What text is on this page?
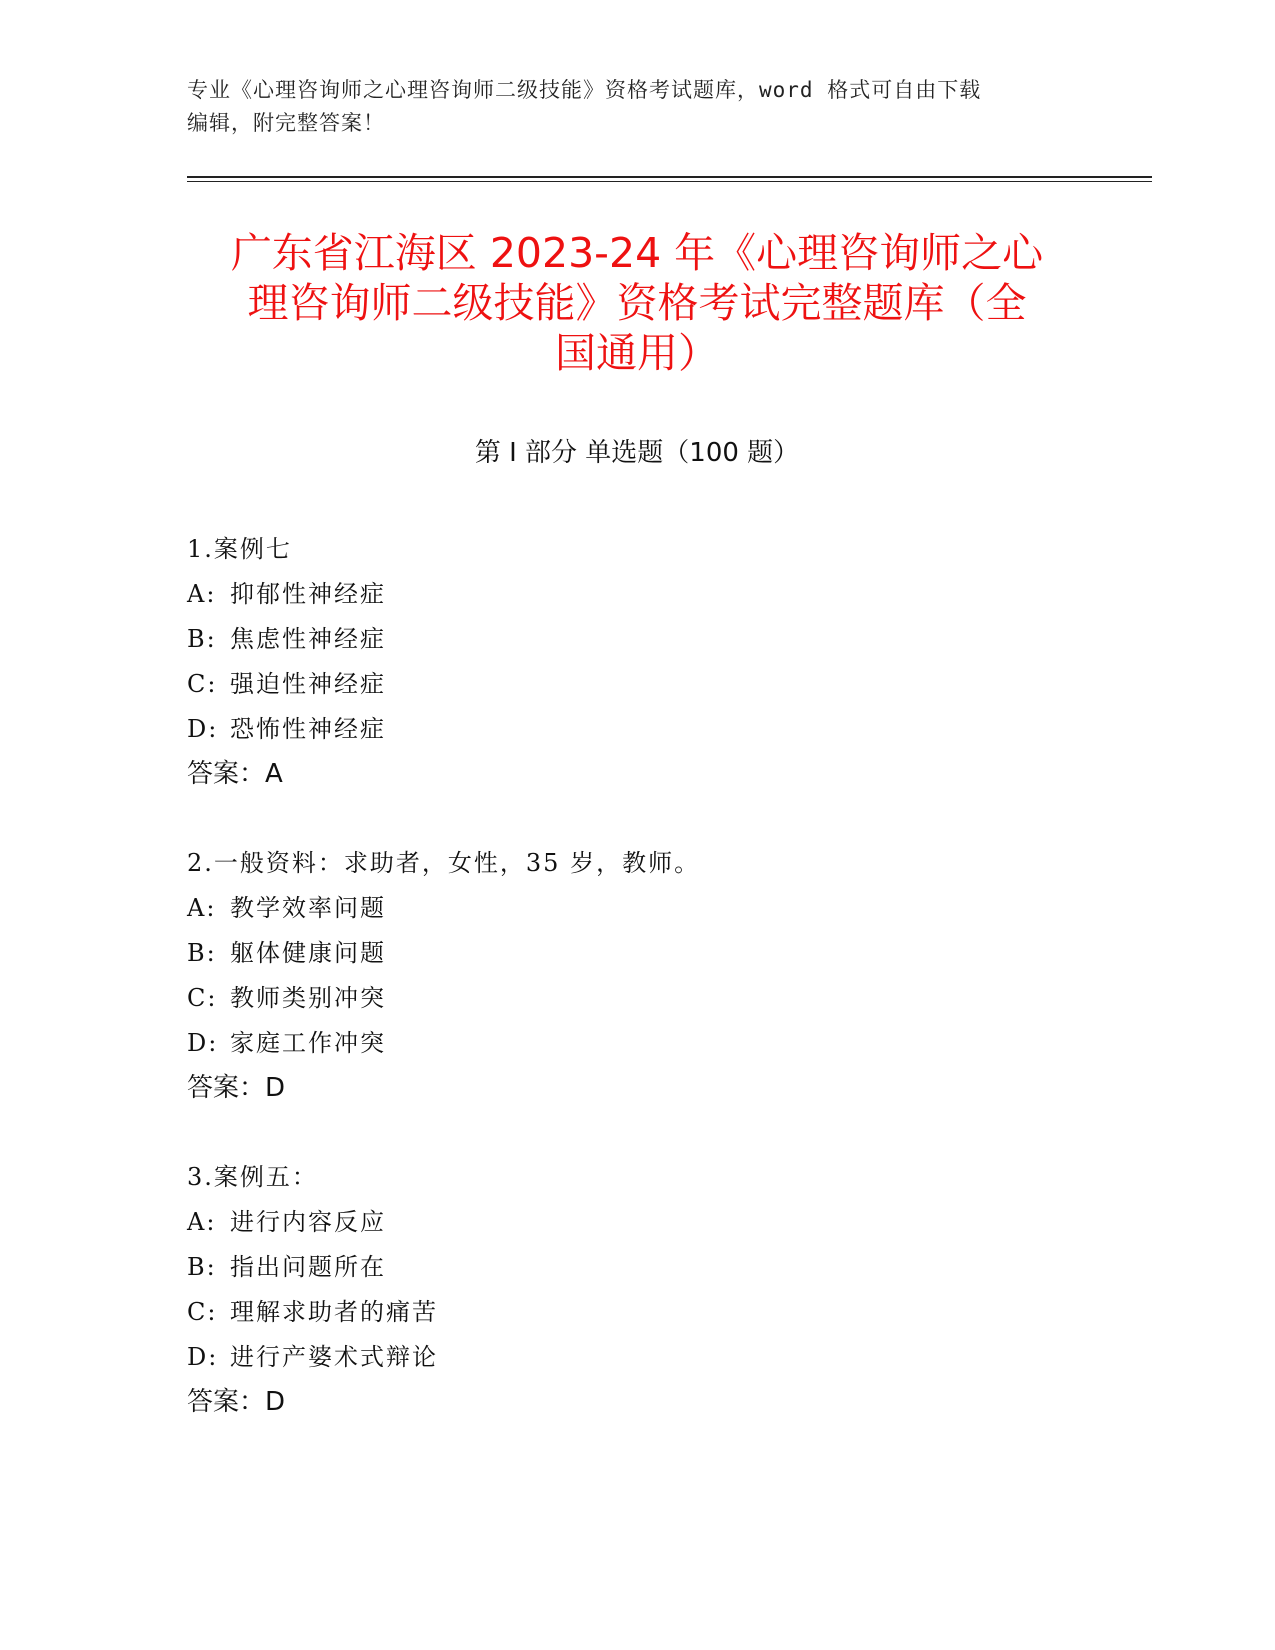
专业《心理咨询师之心理咨询师二级技能》资格考试题库，word 格式可自由下载
编辑，附完整答案！
广东省江海区 2023-24 年《心理咨询师之心
理咨询师二级技能》资格考试完整题库（全
国通用）
第 I 部分 单选题（100 题）
1.案例七
A: 抑郁性神经症
B: 焦虑性神经症
C: 强迫性神经症
D: 恐怖性神经症
答案：A
2.一般资料：求助者，女性，35 岁，教师。
A: 教学效率问题
B: 躯体健康问题
C: 教师类别冲突
D: 家庭工作冲突
答案：D
3.案例五：
A: 进行内容反应
B: 指出问题所在
C: 理解求助者的痛苦
D: 进行产婆术式辩论
答案：D
